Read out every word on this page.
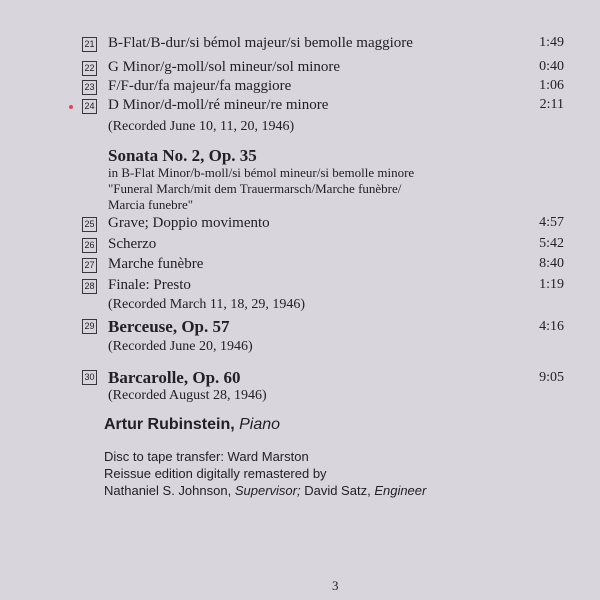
21 B-Flat/B-dur/si bémol majeur/si bemolle maggiore	1:49
22 G Minor/g-moll/sol mineur/sol minore	0:40
23 F/F-dur/fa majeur/fa maggiore	1:06
24 D Minor/d-moll/ré mineur/re minore	2:11
(Recorded June 10, 11, 20, 1946)
Sonata No. 2, Op. 35
in B-Flat Minor/b-moll/si bémol mineur/si bemolle minore
"Funeral March/mit dem Trauermarsch/Marche funèbre/
Marcia funebre"
25 Grave; Doppio movimento	4:57
26 Scherzo	5:42
27 Marche funèbre	8:40
28 Finale: Presto	1:19
(Recorded March 11, 18, 29, 1946)
29 Berceuse, Op. 57	4:16
(Recorded June 20, 1946)
30 Barcarolle, Op. 60	9:05
(Recorded August 28, 1946)
Artur Rubinstein, Piano
Disc to tape transfer: Ward Marston
Reissue edition digitally remastered by
Nathaniel S. Johnson, Supervisor; David Satz, Engineer
3
